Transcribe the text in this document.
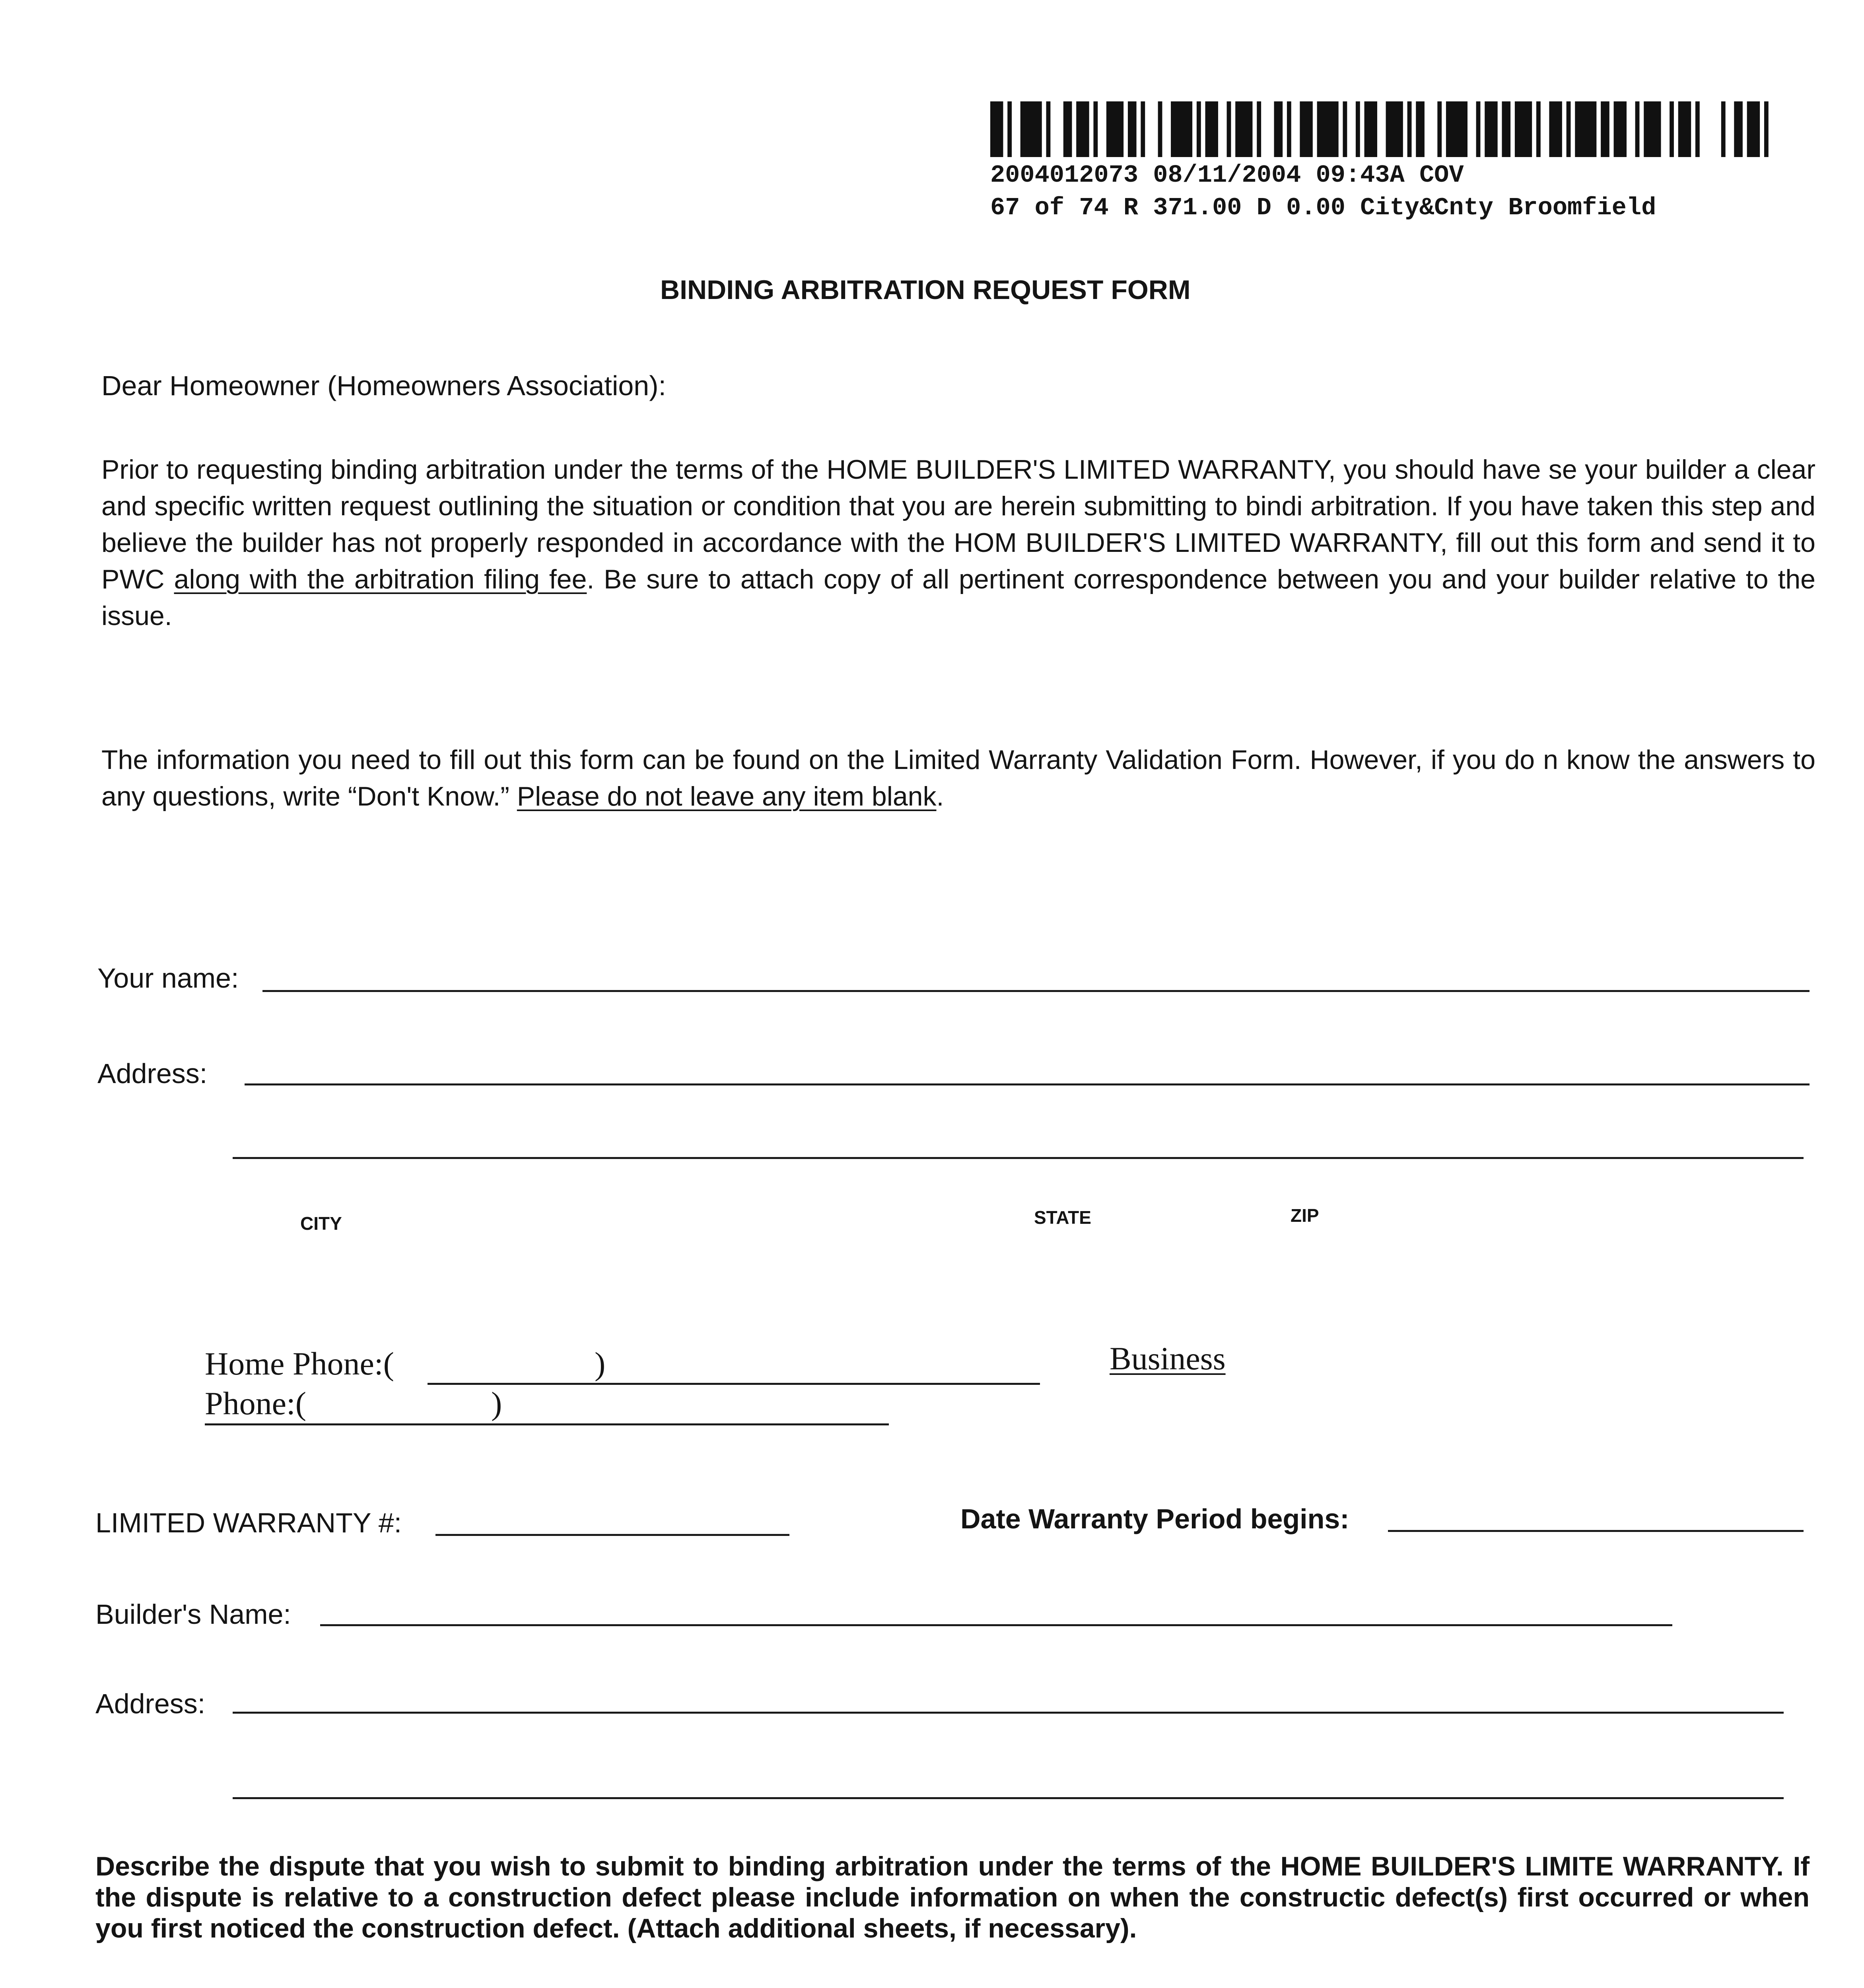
2004012073 08/11/2004 09:43A COV
67 of 74 R 371.00 D 0.00 City&Cnty Broomfield
BINDING ARBITRATION REQUEST FORM
Dear Homeowner (Homeowners Association):
Prior to requesting binding arbitration under the terms of the HOME BUILDER'S LIMITED WARRANTY, you should have se your builder a clear and specific written request outlining the situation or condition that you are herein submitting to bindi arbitration. If you have taken this step and believe the builder has not properly responded in accordance with the HOM BUILDER'S LIMITED WARRANTY, fill out this form and send it to PWC along with the arbitration filing fee. Be sure to attach copy of all pertinent correspondence between you and your builder relative to the issue.
The information you need to fill out this form can be found on the Limited Warranty Validation Form. However, if you do n know the answers to any questions, write “Don't Know.” Please do not leave any item blank.
Your name:
Address:
CITY	STATE	ZIP
Home Phone:(	)	Business
Phone:(	)
LIMITED WARRANTY #:	Date Warranty Period begins:
Builder's Name:
Address:
Describe the dispute that you wish to submit to binding arbitration under the terms of the HOME BUILDER'S LIMITE WARRANTY. If the dispute is relative to a construction defect please include information on when the constructic defect(s) first occurred or when you first noticed the construction defect. (Attach additional sheets, if necessary).
